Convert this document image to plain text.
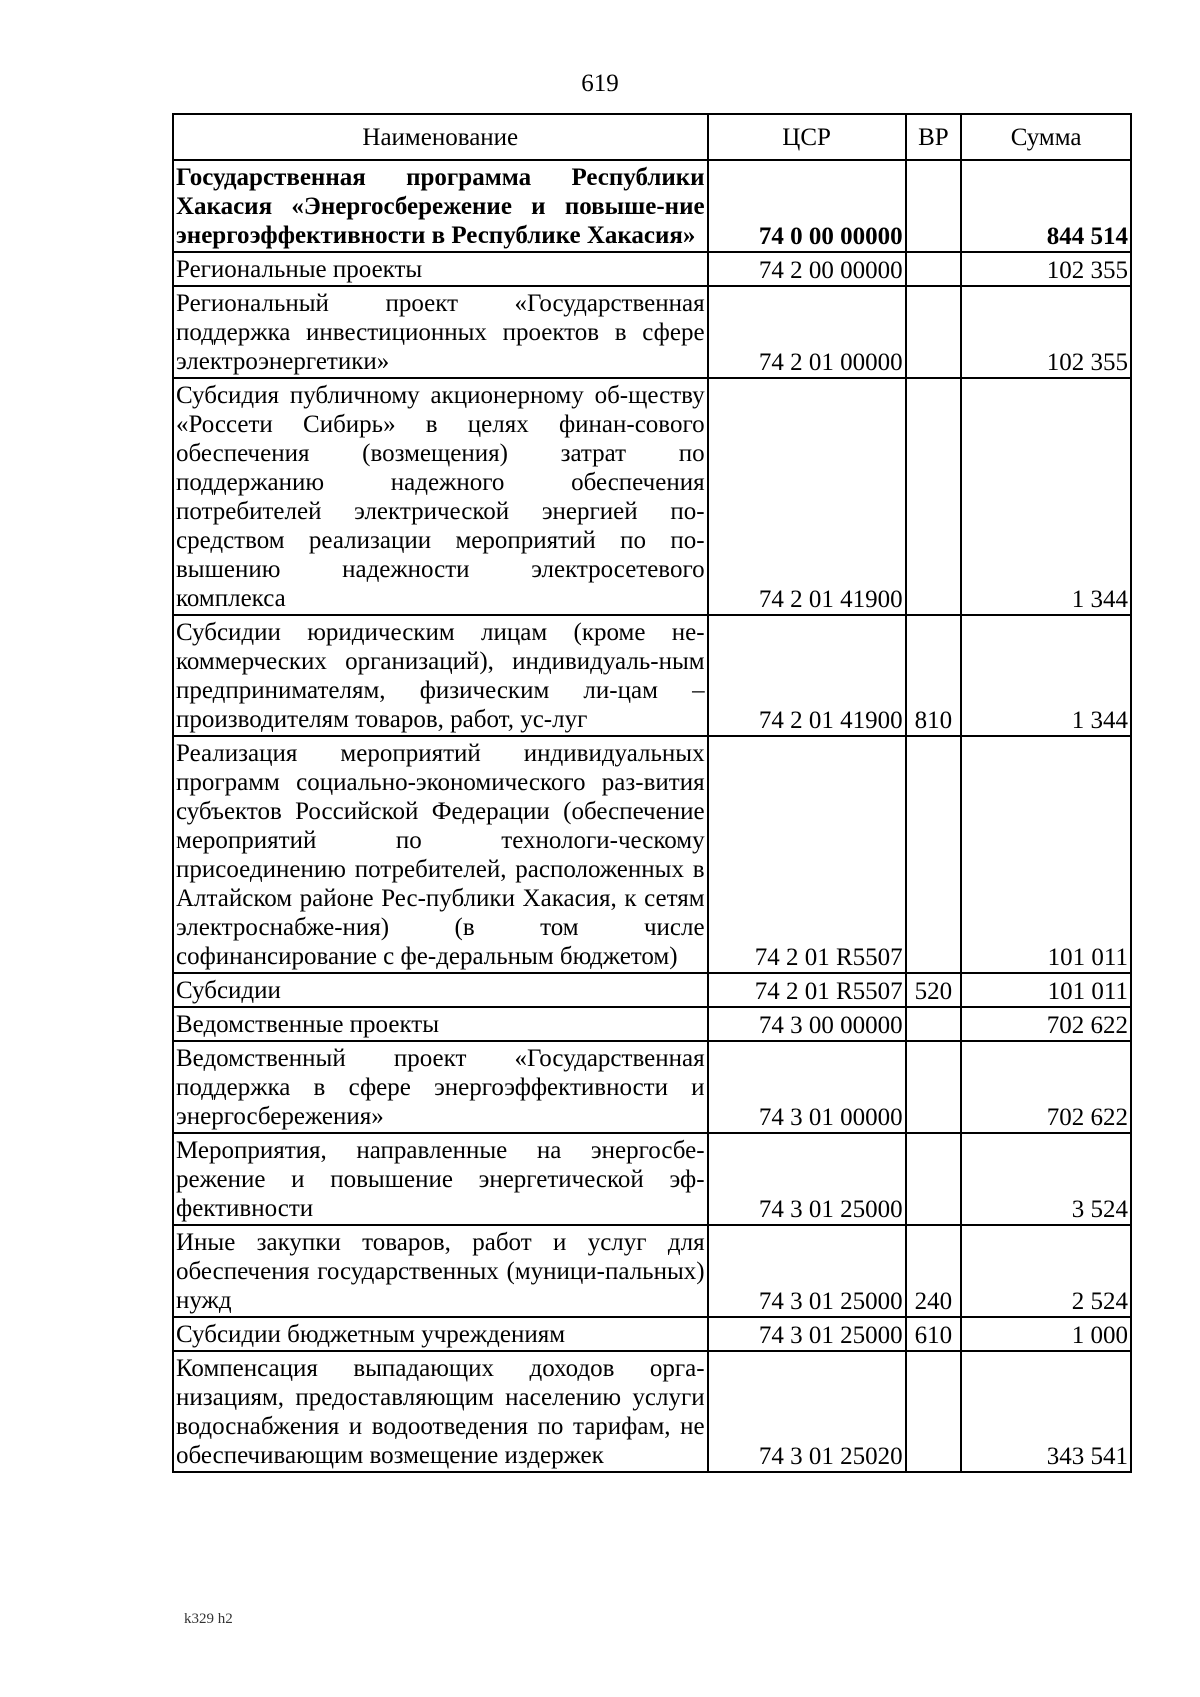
619
Наименование	ЦСР	ВР	Сумма
Государственная программа Республики Хакасия «Энергосбережение и повыше-ние энергоэффективности в Республике Хакасия»	74 0 00 00000		844 514
Региональные проекты	74 2 00 00000		102 355
Региональный проект «Государственная поддержка инвестиционных проектов в сфере электроэнергетики»	74 2 01 00000		102 355
Субсидия публичному акционерному об-ществу «Россети Сибирь» в целях финан-сового обеспечения (возмещения) затрат по поддержанию надежного обеспечения потребителей электрической энергией по-средством реализации мероприятий по по-вышению надежности электросетевого комплекса	74 2 01 41900		1 344
Субсидии юридическим лицам (кроме не-коммерческих организаций), индивидуаль-ным предпринимателям, физическим ли-цам – производителям товаров, работ, ус-луг	74 2 01 41900	810	1 344
Реализация мероприятий индивидуальных программ социально-экономического раз-вития субъектов Российской Федерации (обеспечение мероприятий по технологи-ческому присоединению потребителей, расположенных в Алтайском районе Рес-публики Хакасия, к сетям электроснабже-ния) (в том числе софинансирование с фе-деральным бюджетом)	74 2 01 R5507		101 011
Субсидии	74 2 01 R5507	520	101 011
Ведомственные проекты	74 3 00 00000		702 622
Ведомственный проект «Государственная поддержка в сфере энергоэффективности и энергосбережения»	74 3 01 00000		702 622
Мероприятия, направленные на энергосбе-режение и повышение энергетической эф-фективности	74 3 01 25000		3 524
Иные закупки товаров, работ и услуг для обеспечения государственных (муници-пальных) нужд	74 3 01 25000	240	2 524
Субсидии бюджетным учреждениям	74 3 01 25000	610	1 000
Компенсация выпадающих доходов орга-низациям, предоставляющим населению услуги водоснабжения и водоотведения по тарифам, не обеспечивающим возмещение издержек	74 3 01 25020		343 541
k329 h2
